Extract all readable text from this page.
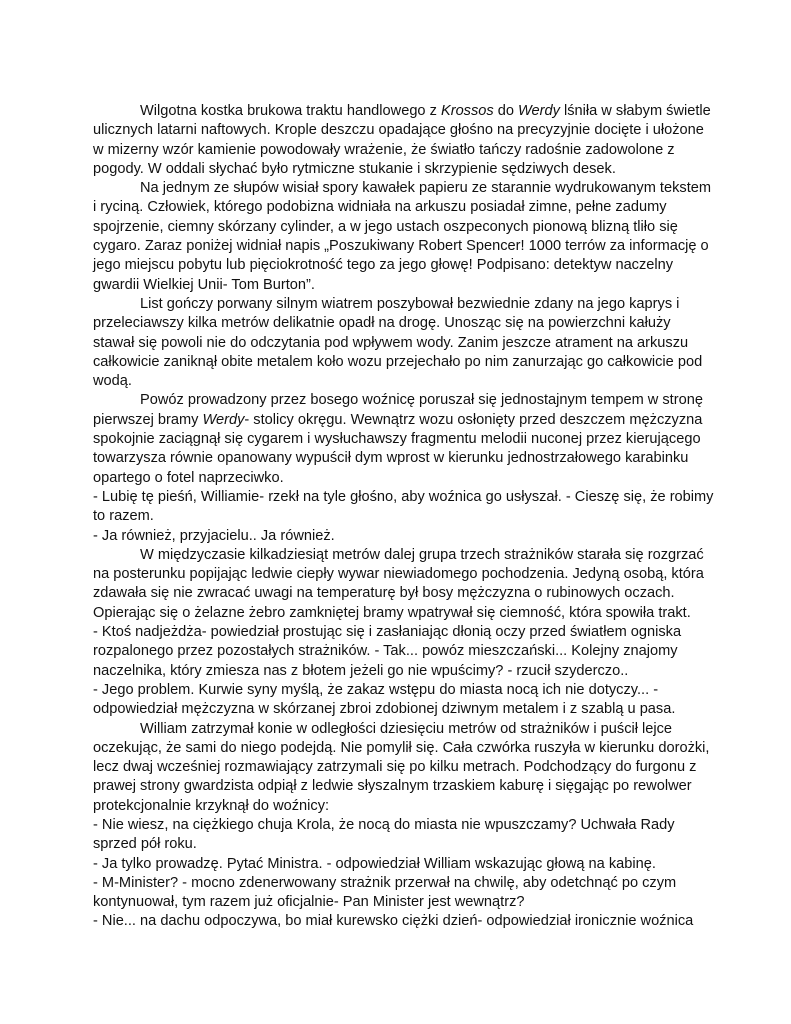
Wilgotna kostka brukowa traktu handlowego z Krossos do Werdy lśniła w słabym świetle ulicznych latarni naftowych. Krople deszczu opadające głośno na precyzyjnie docięte i ułożone w mizerny wzór kamienie powodowały wrażenie, że światło tańczy radośnie zadowolone z pogody. W oddali słychać było rytmiczne stukanie i skrzypienie sędziwych desek.
Na jednym ze słupów wisiał spory kawałek papieru ze starannie wydrukowanym tekstem i ryciną. Człowiek, którego podobizna widniała na arkuszu posiadał zimne, pełne zadumy spojrzenie, ciemny skórzany cylinder, a w jego ustach oszpeconych pionową blizną tliło się cygaro. Zaraz poniżej widniał napis „Poszukiwany Robert Spencer! 1000 terrów za informację o jego miejscu pobytu lub pięciokrotność tego za jego głowę! Podpisano: detektyw naczelny gwardii Wielkiej Unii- Tom Burton”.
List gończy porwany silnym wiatrem poszybował bezwiednie zdany na jego kaprys i przeleciawszy kilka metrów delikatnie opadł na drogę. Unosząc się na powierzchni kałuży stawał się powoli nie do odczytania pod wpływem wody. Zanim jeszcze atrament na arkuszu całkowicie zaniknął obite metalem koło wozu przejechało po nim zanurzając go całkowicie pod wodą.
Powóz prowadzony przez bosego woźnicę poruszał się jednostajnym tempem w stronę pierwszej bramy Werdy- stolicy okręgu. Wewnątrz wozu osłonięty przed deszczem mężczyzna spokojnie zaciągnął się cygarem i wysłuchawszy fragmentu melodii nuconej przez kierującego towarzysza równie opanowany wypuścił dym wprost w kierunku jednostrzałowego karabinku opartego o fotel naprzeciwko.
- Lubię tę pieśń, Williamie- rzekł na tyle głośno, aby woźnica go usłyszał. - Cieszę się, że robimy to razem.
- Ja również, przyjacielu.. Ja również.
W międzyczasie kilkadziesiąt metrów dalej grupa trzech strażników starała się rozgrzać na posterunku popijając ledwie ciepły wywar niewiadomego pochodzenia. Jedyną osobą, która zdawała się nie zwracać uwagi na temperaturę był bosy mężczyzna o rubinowych oczach. Opierając się o żelazne żebro zamkniętej bramy wpatrywał się ciemność, która spowiła trakt.
- Ktoś nadjeżdża- powiedział prostując się i zasłaniając dłonią oczy przed światłem ogniska rozpalonego przez pozostałych strażników. - Tak... powóz mieszczański... Kolejny znajomy naczelnika, który zmiesza nas z błotem jeżeli go nie wpuścimy? - rzucił szyderczo..
- Jego problem. Kurwie syny myślą, że zakaz wstępu do miasta nocą ich nie dotyczy... - odpowiedział mężczyzna w skórzanej zbroi zdobionej dziwnym metalem i z szablą u pasa.
William zatrzymał konie w odległości dziesięciu metrów od strażników i puścił lejce oczekując, że sami do niego podejdą. Nie pomylił się. Cała czwórka ruszyła w kierunku dorożki, lecz dwaj wcześniej rozmawiający zatrzymali się po kilku metrach. Podchodzący do furgonu z prawej strony gwardzista odpiął z ledwie słyszalnym trzaskiem kaburę i sięgając po rewolwer protekcjonalnie krzyknął do woźnicy:
- Nie wiesz, na ciężkiego chuja Krola, że nocą do miasta nie wpuszczamy? Uchwała Rady sprzed pół roku.
- Ja tylko prowadzę. Pytać Ministra. - odpowiedział William wskazując głową na kabinę.
- M-Minister? - mocno zdenerwowany strażnik przerwał na chwilę, aby odetchnąć po czym kontynuował, tym razem już oficjalnie- Pan Minister jest wewnątrz?
- Nie... na dachu odpoczywa, bo miał kurewsko ciężki dzień- odpowiedział ironicznie woźnica
